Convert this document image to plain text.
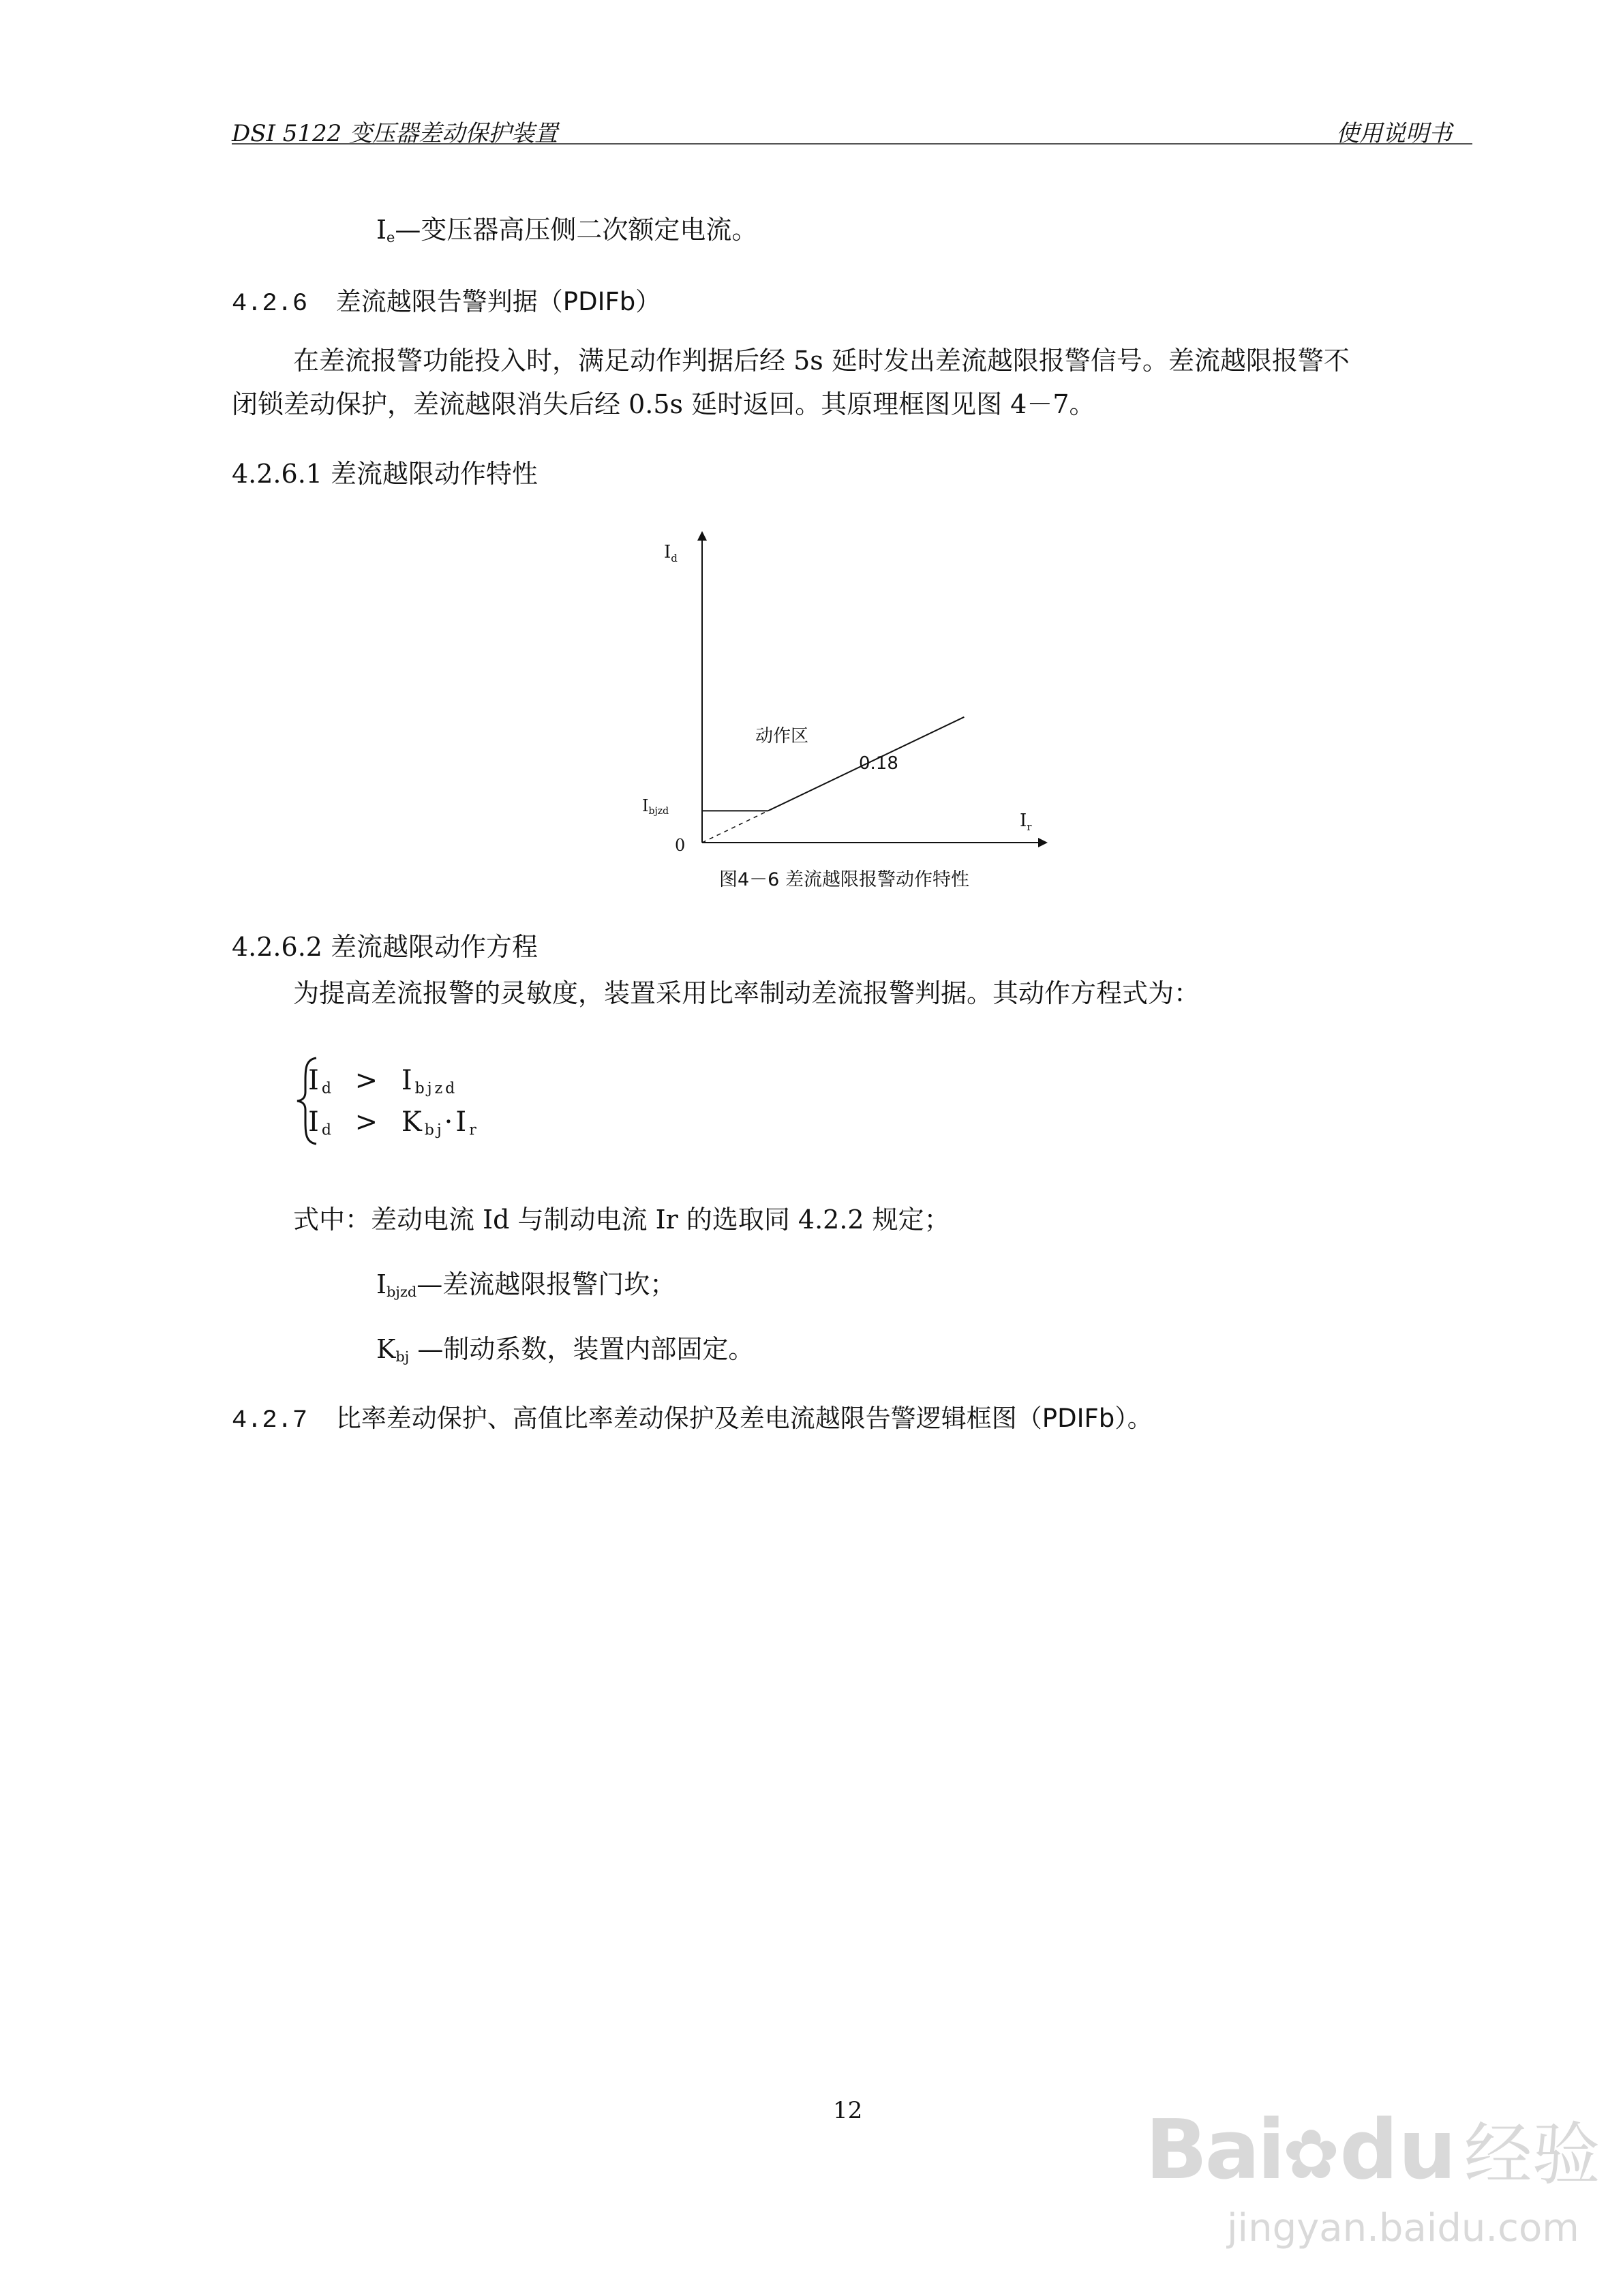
DSI 5122 变压器差动保护装置	使用说明书
$I_e—$变压器高压侧二次额定电流。
4.2.6 差流越限告警判据（PDIFb）
在差流报警功能投入时，满足动作判据后经 5s 延时发出差流越限报警信号。差流越限报警不
闭锁差动保护，差流越限消失后经 0.5s 延时返回。其原理框图见图 4－7。
4.2.6.1 差流越限动作特性
$I_d$
$I_r$
0
Ibjzd
动作区
0.18
图4－6 差流越限报警动作特性
4.2.6.2 差流越限动作方程
为提高差流报警的灵敏度，装置采用比率制动差流报警判据。其动作方程式为：
$I_d > I_{bjzd}$
$I_d > K_{bj}\cdot I_r$
式中：差动电流 Id 与制动电流 Ir 的选取同 4.2.2 规定；
$I_{bjzd}—$差流越限报警门坎；
$K_{bj}$ —制动系数，装置内部固定。
4.2.7 比率差动保护、高值比率差动保护及差电流越限告警逻辑框图（PDIFb）。
12	Bai✿du 经验
jingyan.baidu.com
